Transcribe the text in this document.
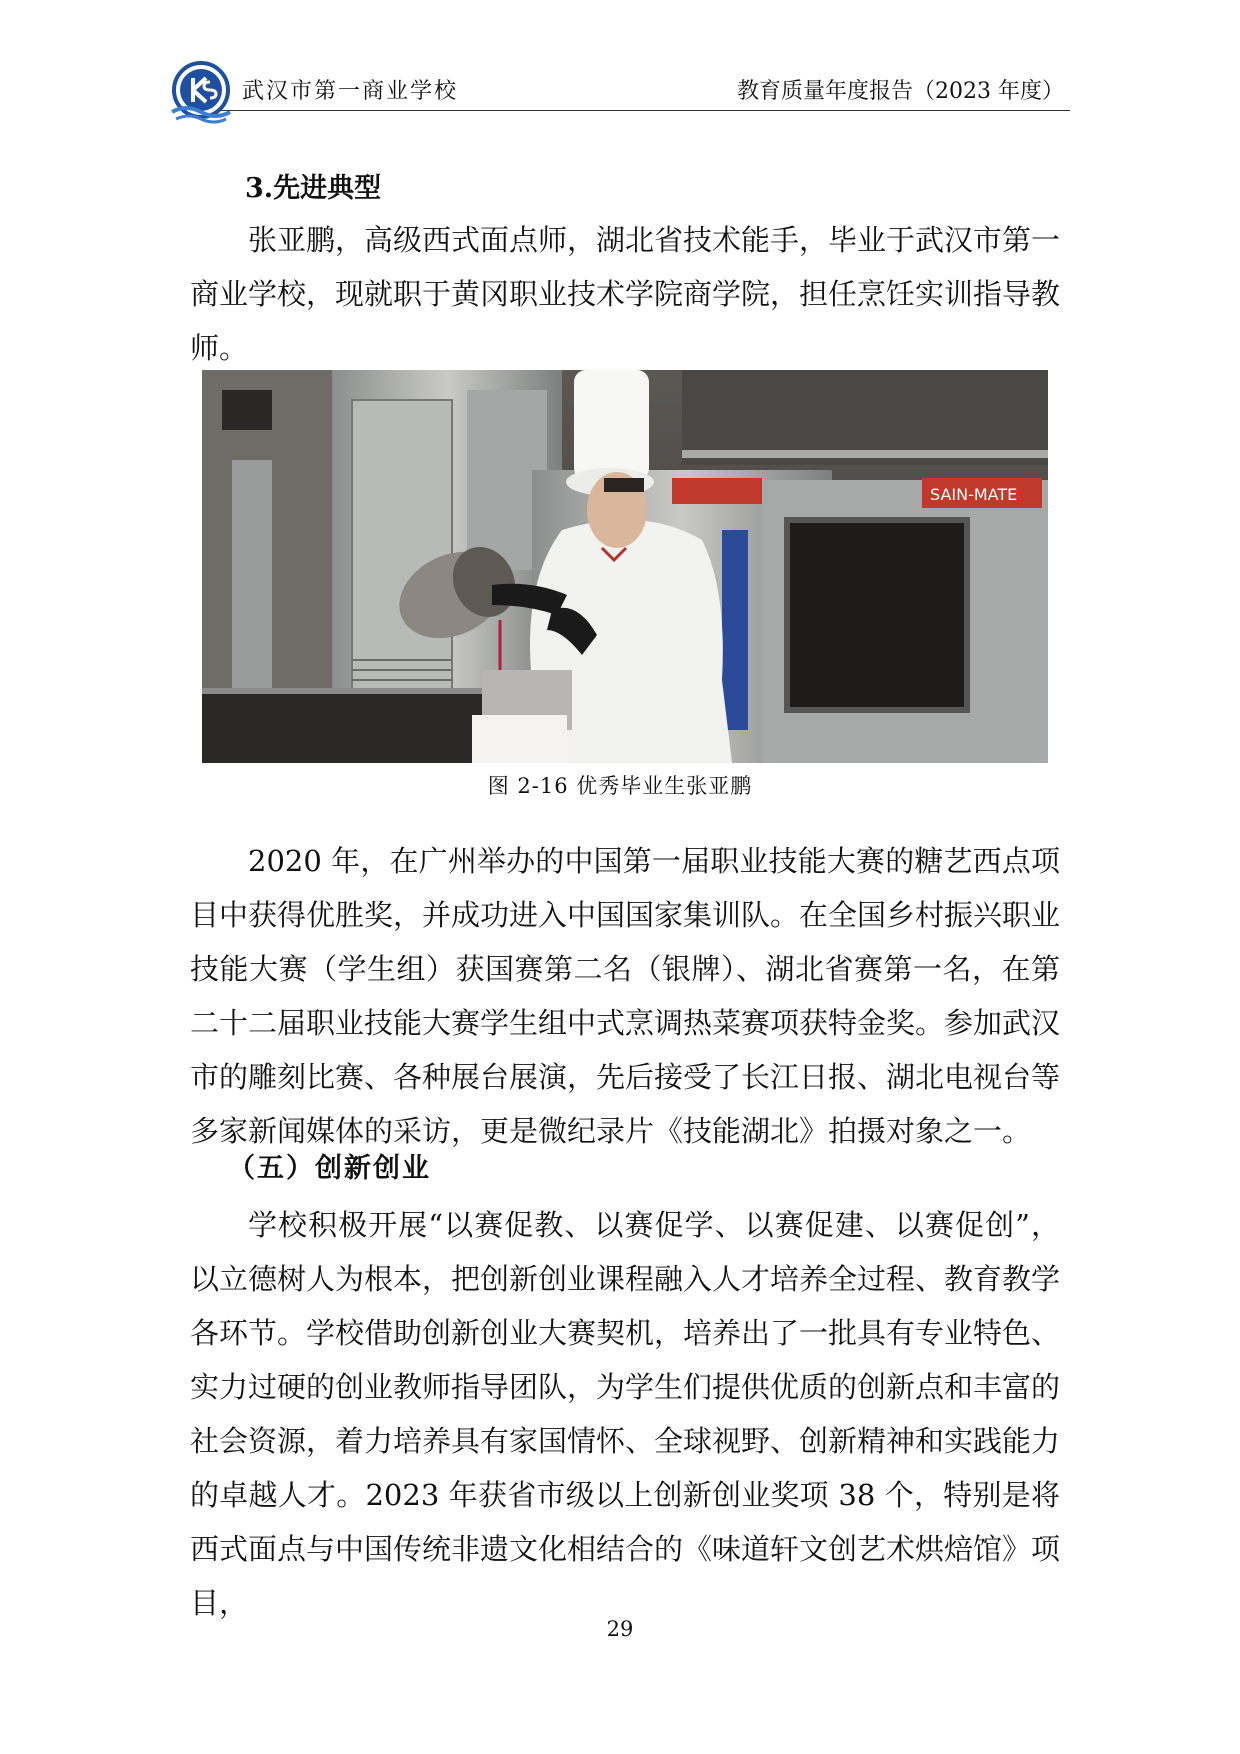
武汉市第一商业学校	教育质量年度报告（2023 年度）
3.先进典型
张亚鹏，高级西式面点师，湖北省技术能手，毕业于武汉市第一商业学校，现就职于黄冈职业技术学院商学院，担任烹饪实训指导教师。
SAIN-MATE
图 2-16 优秀毕业生张亚鹏
2020 年，在广州举办的中国第一届职业技能大赛的糖艺西点项目中获得优胜奖，并成功进入中国国家集训队。在全国乡村振兴职业技能大赛（学生组）获国赛第二名（银牌）、湖北省赛第一名，在第二十二届职业技能大赛学生组中式烹调热菜赛项获特金奖。参加武汉市的雕刻比赛、各种展台展演，先后接受了长江日报、湖北电视台等多家新闻媒体的采访，更是微纪录片《技能湖北》拍摄对象之一。
（五）创新创业
学校积极开展“以赛促教、以赛促学、以赛促建、以赛促创”，以立德树人为根本，把创新创业课程融入人才培养全过程、教育教学各环节。学校借助创新创业大赛契机，培养出了一批具有专业特色、实力过硬的创业教师指导团队，为学生们提供优质的创新点和丰富的社会资源，着力培养具有家国情怀、全球视野、创新精神和实践能力的卓越人才。2023 年获省市级以上创新创业奖项 38 个，特别是将西式面点与中国传统非遗文化相结合的《味道轩文创艺术烘焙馆》项目，
29
